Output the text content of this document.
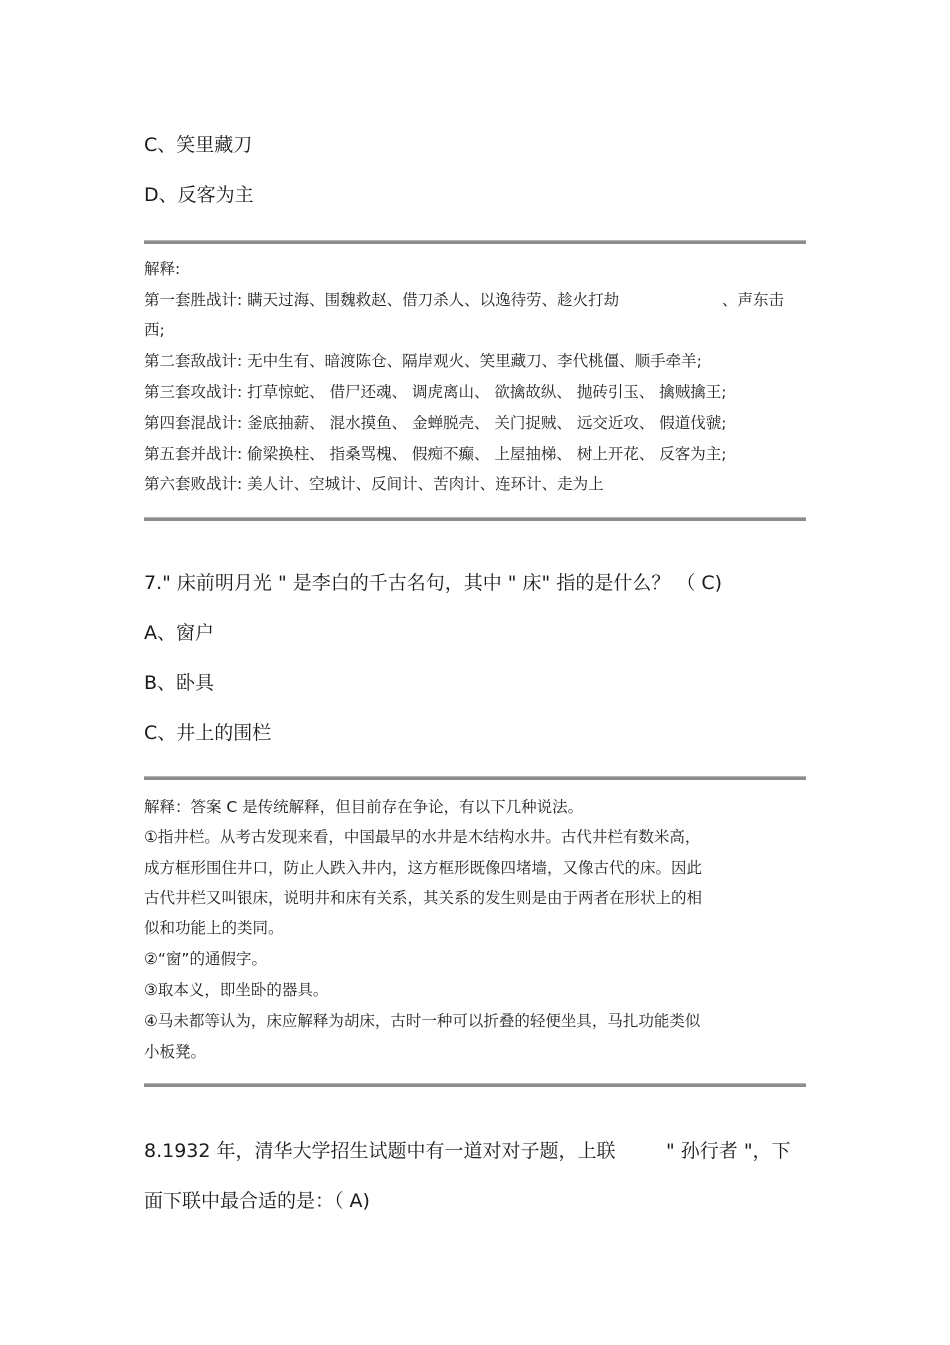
C、笑里藏刀
D、反客为主
解释:
第一套胜战计: 瞒天过海、围魏救赵、借刀杀人、以逸待劳、趁火打劫	、声东击
西;
第二套敌战计: 无中生有、暗渡陈仓、隔岸观火、笑里藏刀、李代桃僵、顺手牵羊;
第三套攻战计: 打草惊蛇、 借尸还魂、 调虎离山、 欲擒故纵、 抛砖引玉、 擒贼擒王;
第四套混战计: 釜底抽薪、 混水摸鱼、 金蝉脱壳、 关门捉贼、 远交近攻、 假道伐虢;
第五套并战计: 偷梁换柱、 指桑骂槐、 假痴不癫、 上屋抽梯、 树上开花、 反客为主;
第六套败战计: 美人计、空城计、反间计、苦肉计、连环计、走为上
7." 床前明月光 " 是李白的千古名句，其中 " 床" 指的是什么？ （ C)
A、窗户
B、卧具
C、井上的围栏
解释：答案 C 是传统解释，但目前存在争论，有以下几种说法。
①指井栏。从考古发现来看，中国最早的水井是木结构水井。古代井栏有数米高，
成方框形围住井口，防止人跌入井内，这方框形既像四堵墙，又像古代的床。因此
古代井栏又叫银床，说明井和床有关系，其关系的发生则是由于两者在形状上的相
似和功能上的类同。
②“窗”的通假字。
③取本义，即坐卧的器具。
④马未都等认为，床应解释为胡床，古时一种可以折叠的轻便坐具，马扎功能类似
小板凳。
8.1932 年，清华大学招生试题中有一道对对子题，上联	" 孙行者 "，下
面下联中最合适的是：（ A)
